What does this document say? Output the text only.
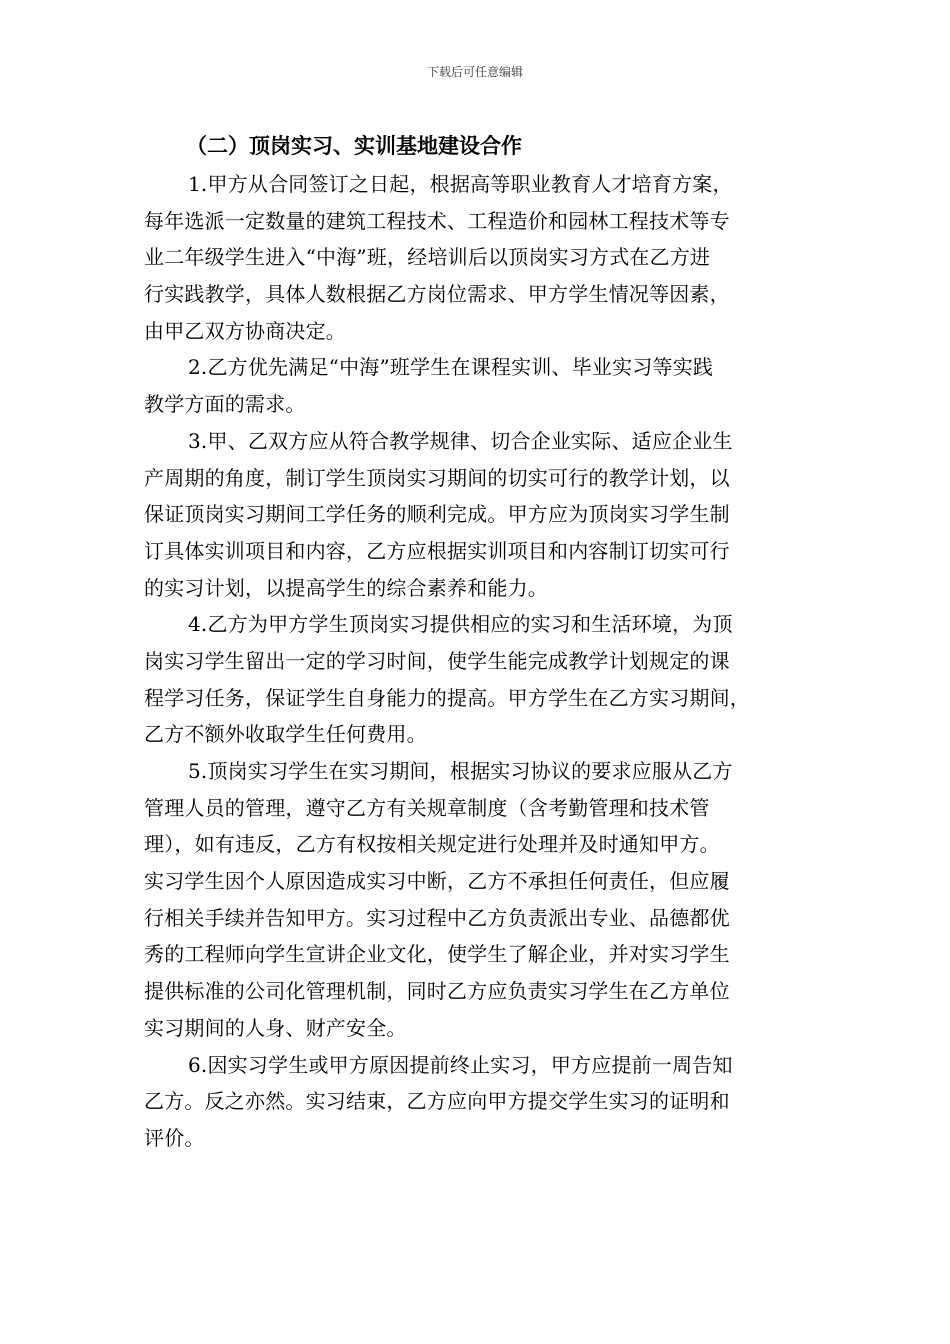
下载后可任意编辑
（二）顶岗实习、实训基地建设合作
1.甲方从合同签订之日起，根据高等职业教育人才培育方案，
每年选派一定数量的建筑工程技术、工程造价和园林工程技术等专
业二年级学生进入“中海”班，经培训后以顶岗实习方式在乙方进
行实践教学，具体人数根据乙方岗位需求、甲方学生情况等因素，
由甲乙双方协商决定。
2.乙方优先满足“中海”班学生在课程实训、毕业实习等实践
教学方面的需求。
3.甲、乙双方应从符合教学规律、切合企业实际、适应企业生
产周期的角度，制订学生顶岗实习期间的切实可行的教学计划，以
保证顶岗实习期间工学任务的顺利完成。甲方应为顶岗实习学生制
订具体实训项目和内容，乙方应根据实训项目和内容制订切实可行
的实习计划，以提高学生的综合素养和能力。
4.乙方为甲方学生顶岗实习提供相应的实习和生活环境，为顶
岗实习学生留出一定的学习时间，使学生能完成教学计划规定的课
程学习任务，保证学生自身能力的提高。甲方学生在乙方实习期间，
乙方不额外收取学生任何费用。
5.顶岗实习学生在实习期间，根据实习协议的要求应服从乙方
管理人员的管理，遵守乙方有关规章制度（含考勤管理和技术管
理），如有违反，乙方有权按相关规定进行处理并及时通知甲方。
实习学生因个人原因造成实习中断，乙方不承担任何责任，但应履
行相关手续并告知甲方。实习过程中乙方负责派出专业、品德都优
秀的工程师向学生宣讲企业文化，使学生了解企业，并对实习学生
提供标准的公司化管理机制，同时乙方应负责实习学生在乙方单位
实习期间的人身、财产安全。
6.因实习学生或甲方原因提前终止实习，甲方应提前一周告知
乙方。反之亦然。实习结束，乙方应向甲方提交学生实习的证明和
评价。
